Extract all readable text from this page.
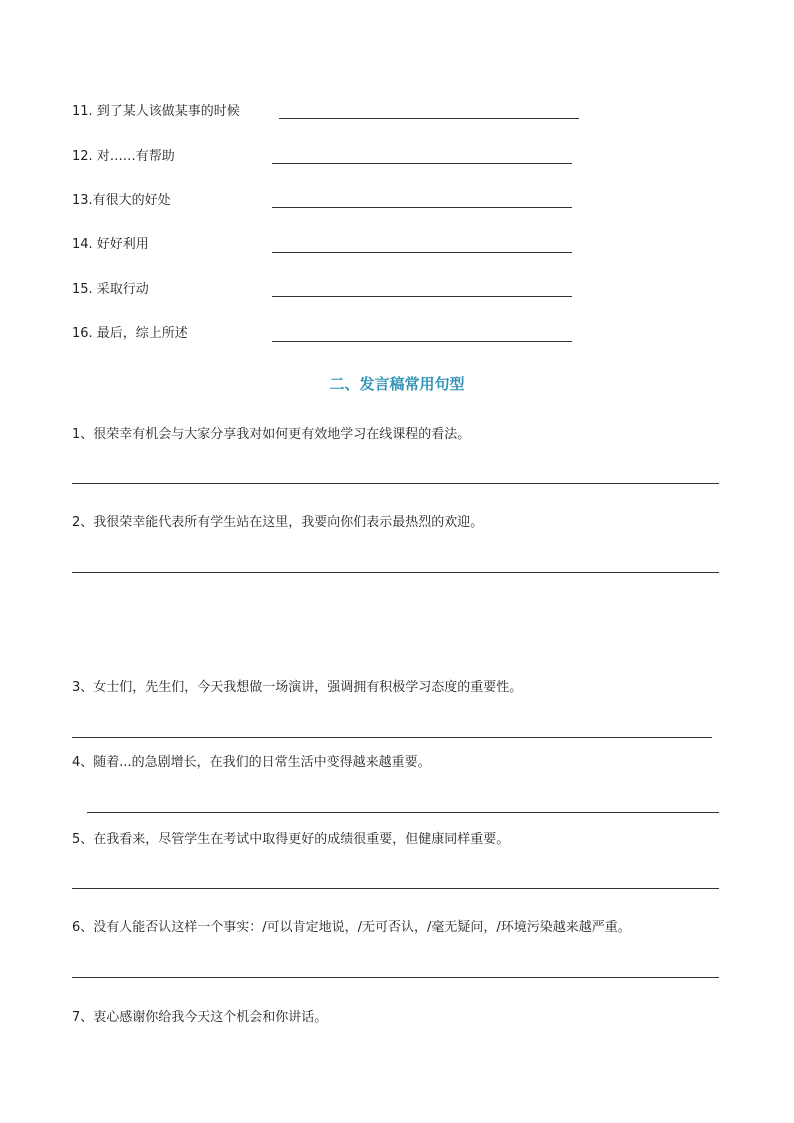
11. 到了某人该做某事的时候
12. 对……有帮助
13.有很大的好处
14. 好好利用
15. 采取行动
16. 最后，综上所述
二、发言稿常用句型
1、很荣幸有机会与大家分享我对如何更有效地学习在线课程的看法。
2、我很荣幸能代表所有学生站在这里，我要向你们表示最热烈的欢迎。
3、女士们，先生们，今天我想做一场演讲，强调拥有积极学习态度的重要性。
4、随着...的急剧增长，在我们的日常生活中变得越来越重要。
5、在我看来，尽管学生在考试中取得更好的成绩很重要，但健康同样重要。
6、没有人能否认这样一个事实：/可以肯定地说，/无可否认，/毫无疑问，/环境污染越来越严重。
7、衷心感谢你给我今天这个机会和你讲话。
